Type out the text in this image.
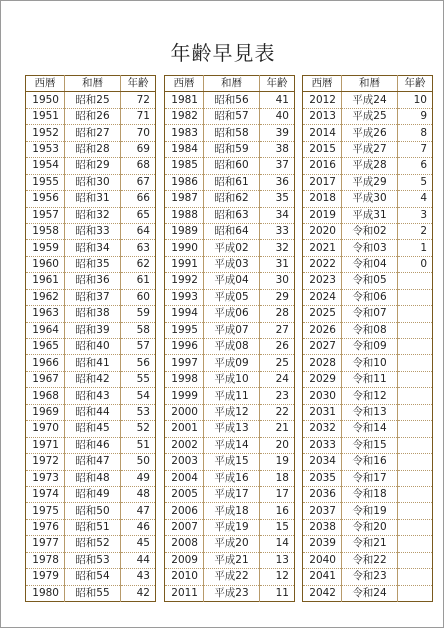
年齢早見表
西暦	和暦	年齢
1950	昭和25	72
1951	昭和26	71
1952	昭和27	70
1953	昭和28	69
1954	昭和29	68
1955	昭和30	67
1956	昭和31	66
1957	昭和32	65
1958	昭和33	64
1959	昭和34	63
1960	昭和35	62
1961	昭和36	61
1962	昭和37	60
1963	昭和38	59
1964	昭和39	58
1965	昭和40	57
1966	昭和41	56
1967	昭和42	55
1968	昭和43	54
1969	昭和44	53
1970	昭和45	52
1971	昭和46	51
1972	昭和47	50
1973	昭和48	49
1974	昭和49	48
1975	昭和50	47
1976	昭和51	46
1977	昭和52	45
1978	昭和53	44
1979	昭和54	43
1980	昭和55	42
西暦	和暦	年齢
1981	昭和56	41
1982	昭和57	40
1983	昭和58	39
1984	昭和59	38
1985	昭和60	37
1986	昭和61	36
1987	昭和62	35
1988	昭和63	34
1989	昭和64	33
1990	平成02	32
1991	平成03	31
1992	平成04	30
1993	平成05	29
1994	平成06	28
1995	平成07	27
1996	平成08	26
1997	平成09	25
1998	平成10	24
1999	平成11	23
2000	平成12	22
2001	平成13	21
2002	平成14	20
2003	平成15	19
2004	平成16	18
2005	平成17	17
2006	平成18	16
2007	平成19	15
2008	平成20	14
2009	平成21	13
2010	平成22	12
2011	平成23	11
西暦	和暦	年齢
2012	平成24	10
2013	平成25	9
2014	平成26	8
2015	平成27	7
2016	平成28	6
2017	平成29	5
2018	平成30	4
2019	平成31	3
2020	令和02	2
2021	令和03	1
2022	令和04	0
2023	令和05	
2024	令和06	
2025	令和07	
2026	令和08	
2027	令和09	
2028	令和10	
2029	令和11	
2030	令和12	
2031	令和13	
2032	令和14	
2033	令和15	
2034	令和16	
2035	令和17	
2036	令和18	
2037	令和19	
2038	令和20	
2039	令和21	
2040	令和22	
2041	令和23	
2042	令和24	
